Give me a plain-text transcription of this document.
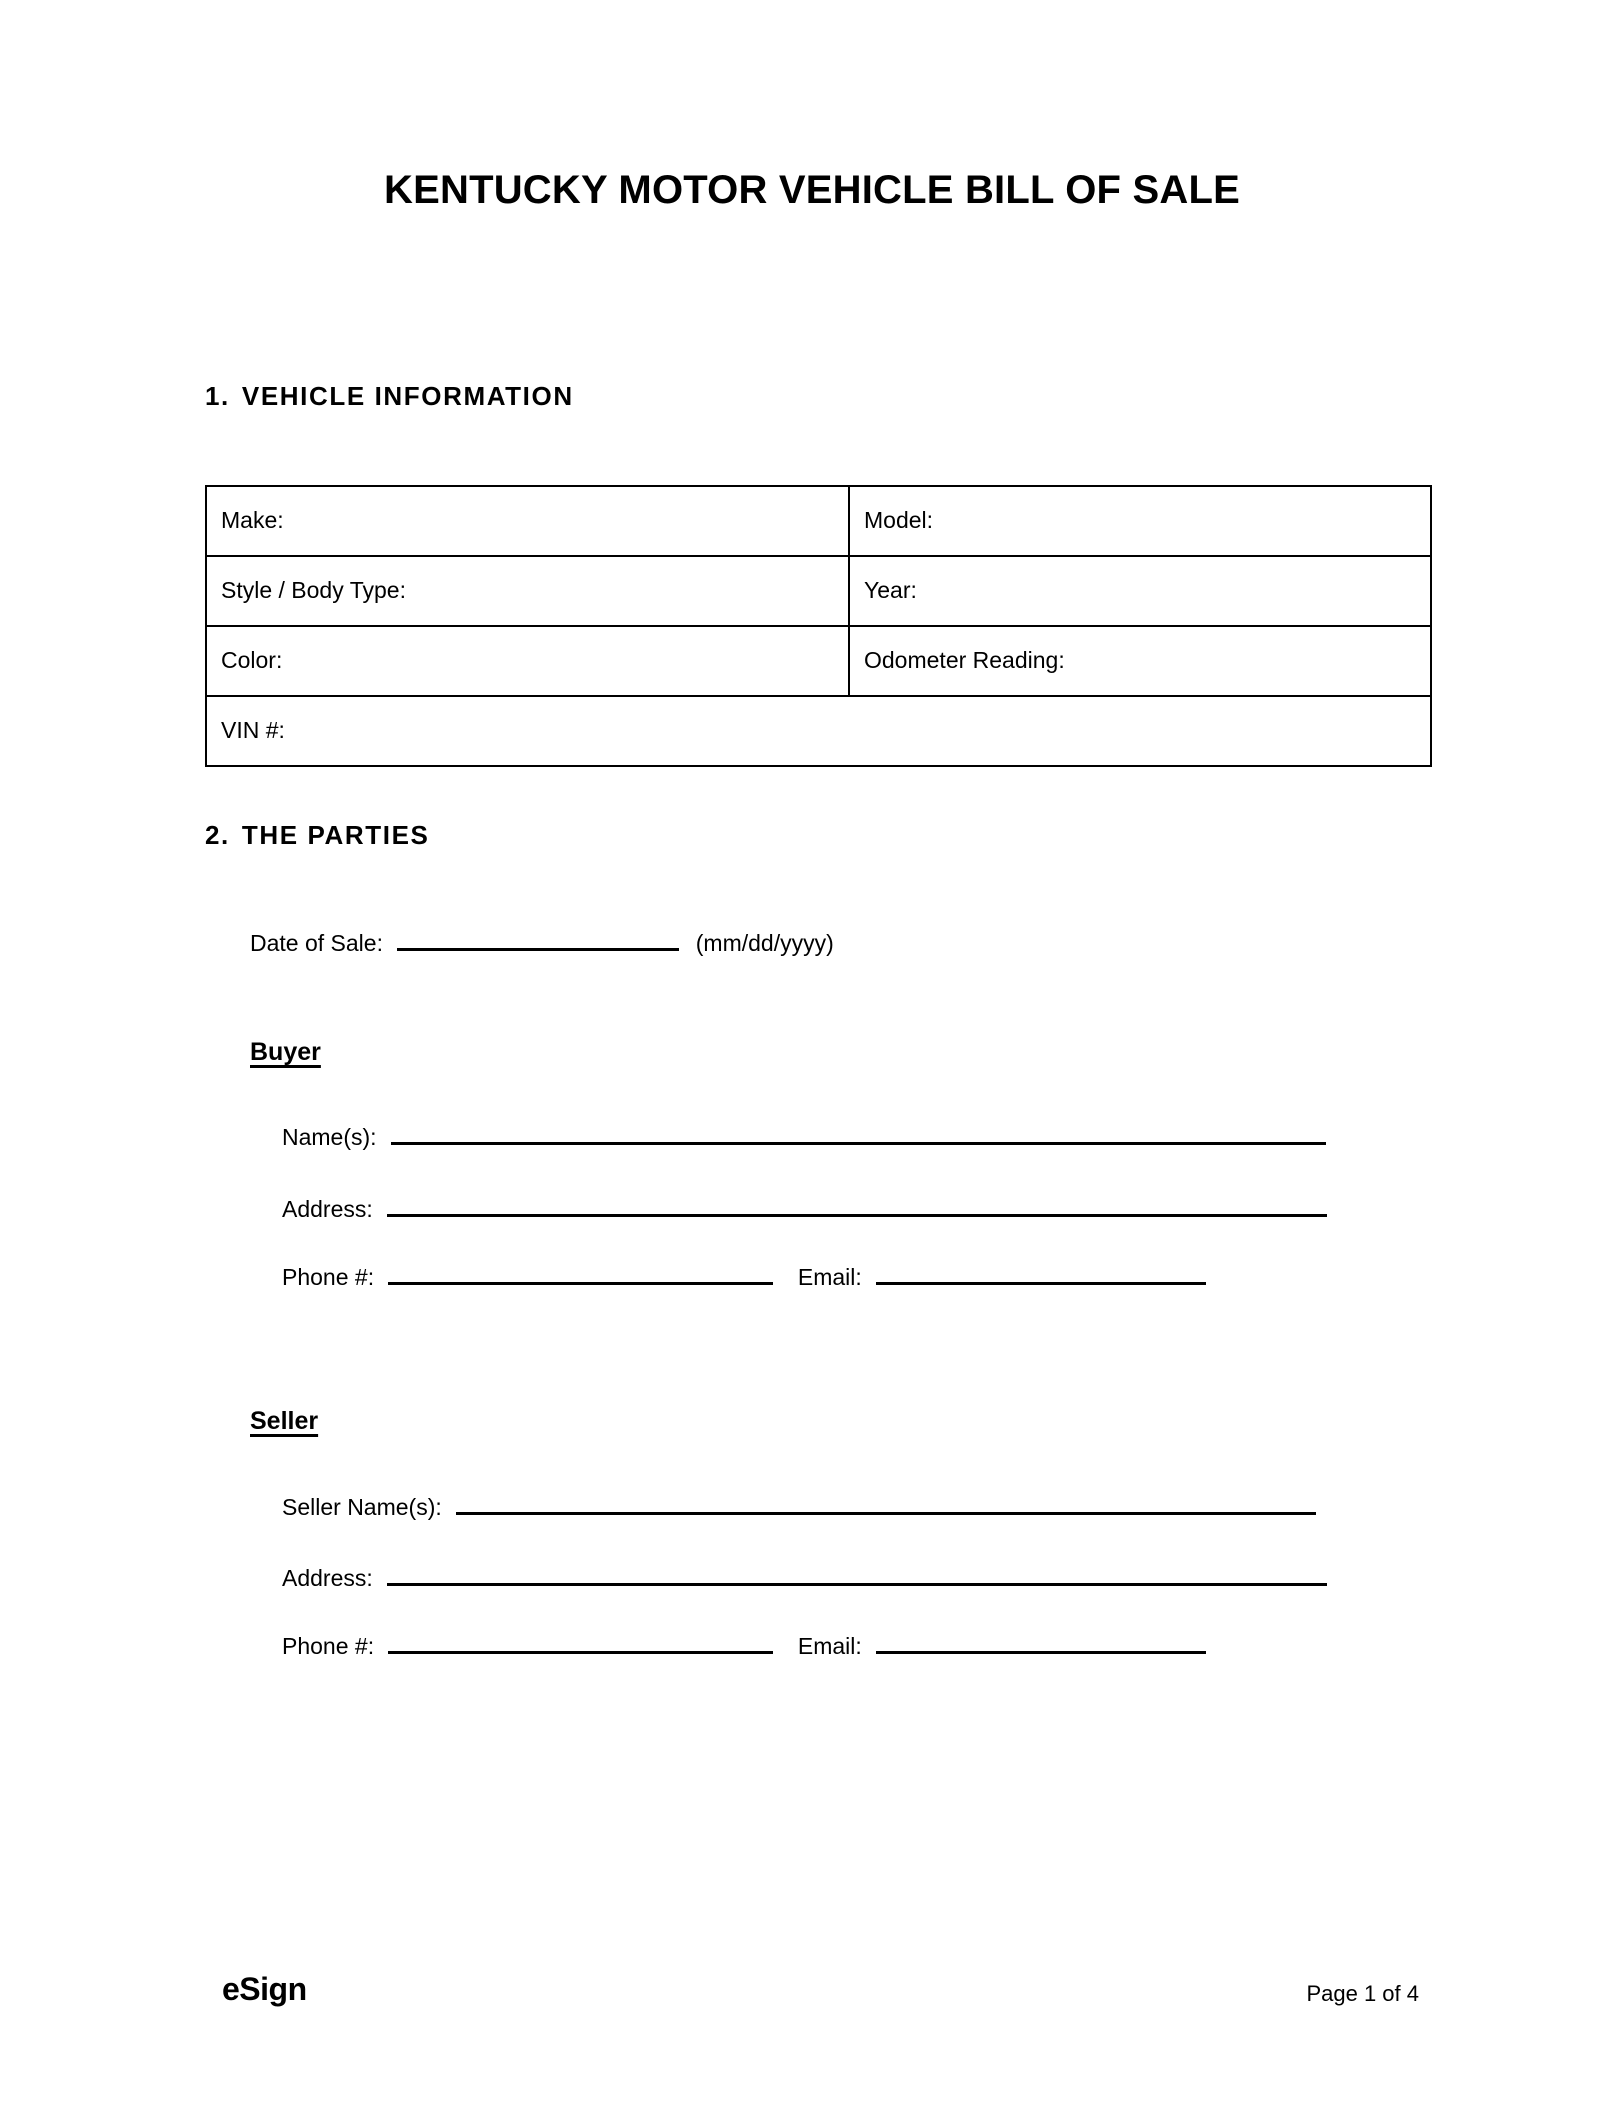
KENTUCKY MOTOR VEHICLE BILL OF SALE
1. VEHICLE INFORMATION
Make:	Model:
Style / Body Type:	Year:
Color:	Odometer Reading:
VIN #:	
2. THE PARTIES
Date of Sale:	(mm/dd/yyyy)
Buyer
Name(s):
Address:
Phone #:	Email:
Seller
Seller Name(s):
Address:
Phone #:	Email:
eSign	Page 1 of 4
